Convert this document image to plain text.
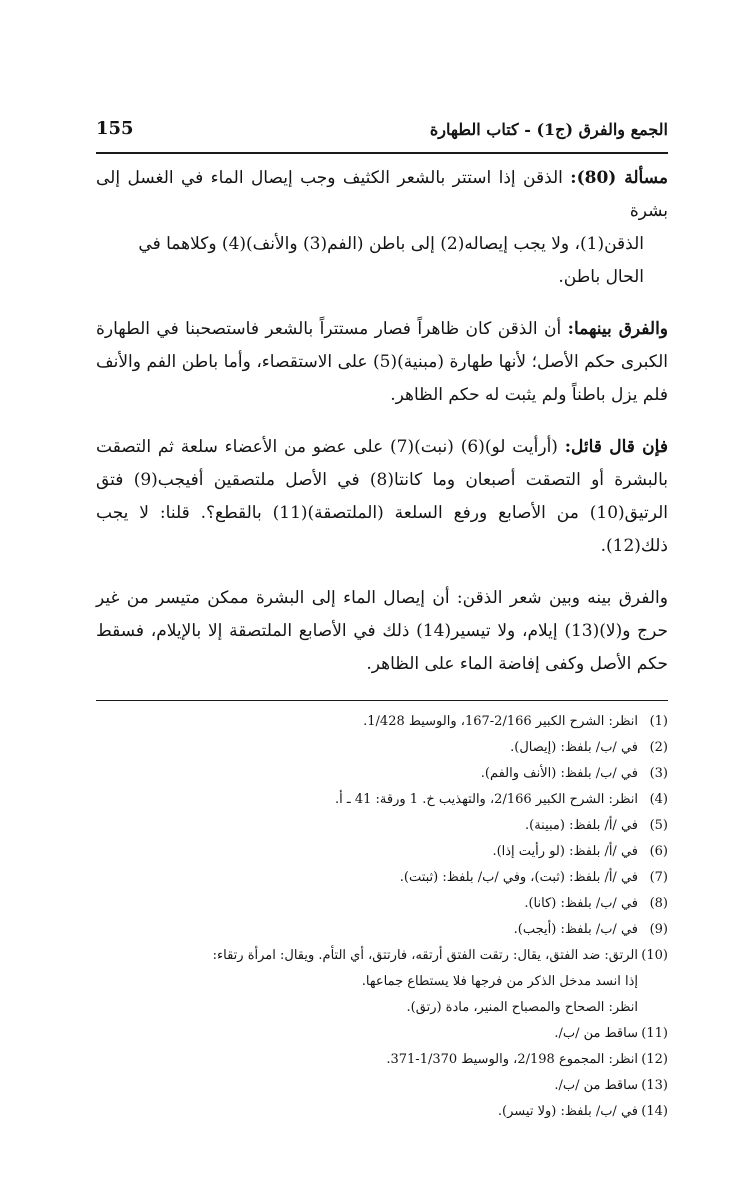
الجمع والفرق (ج1) - كتاب الطهارة
155

مسألة (80): الذقن إذا استتر بالشعر الكثيف وجب إيصال الماء في الغسل إلى بشرة
الذقن(1)، ولا يجب إيصاله(2) إلى باطن (الفم(3) والأنف)(4) وكلاهما في
الحال باطن.

والفرق بينهما: أن الذقن كان ظاهراً فصار مستتراً بالشعر فاستصحبنا في الطهارة الكبرى حكم الأصل؛ لأنها طهارة (مبنية)(5) على الاستقصاء، وأما باطن الفم والأنف فلم يزل باطناً ولم يثبت له حكم الظاهر.

فإن قال قائل: (أرأيت لو)(6) (نبت)(7) على عضو من الأعضاء سلعة ثم التصقت بالبشرة أو التصقت أصبعان وما كانتا(8) في الأصل ملتصقين أفيجب(9) فتق الرتيق(10) من الأصابع ورفع السلعة (الملتصقة)(11) بالقطع؟. قلنا: لا يجب ذلك(12).

والفرق بينه وبين شعر الذقن: أن إيصال الماء إلى البشرة ممكن متيسر من غير حرج و(لا)(13) إيلام، ولا تيسير(14) ذلك في الأصابع الملتصقة إلا بالإيلام، فسقط حكم الأصل وكفى إفاضة الماء على الظاهر.

(1)
انظر: الشرح الكبير 2/166-167، والوسيط 1/428.
(2)
في /ب/ بلفظ: (إيصال).
(3)
في /ب/ بلفظ: (الأنف والفم).
(4)
انظر: الشرح الكبير 2/166، والتهذيب خ. 1 ورقة: 41 ـ أ.
(5)
في /أ/ بلفظ: (مبينة).
(6)
في /أ/ بلفظ: (لو رأيت إذا).
(7)
في /أ/ بلفظ: (ثبت)، وفي /ب/ بلفظ: (ثبتت).
(8)
في /ب/ بلفظ: (كانا).
(9)
في /ب/ بلفظ: (أيجب).
(10)
الرتق: ضد الفتق، يقال: رتقت الفتق أرتقه، فارتتق، أي التأم. ويقال: امرأة رتقاء:
إذا انسد مدخل الذكر من فرجها فلا يستطاع جماعها.
انظر: الصحاح والمصباح المنير، مادة (رتق).
(11)
ساقط من /ب/.
(12)
انظر: المجموع 2/198، والوسيط 1/370-371.
(13)
ساقط من /ب/.
(14)
في /ب/ بلفظ: (ولا تيسر).
